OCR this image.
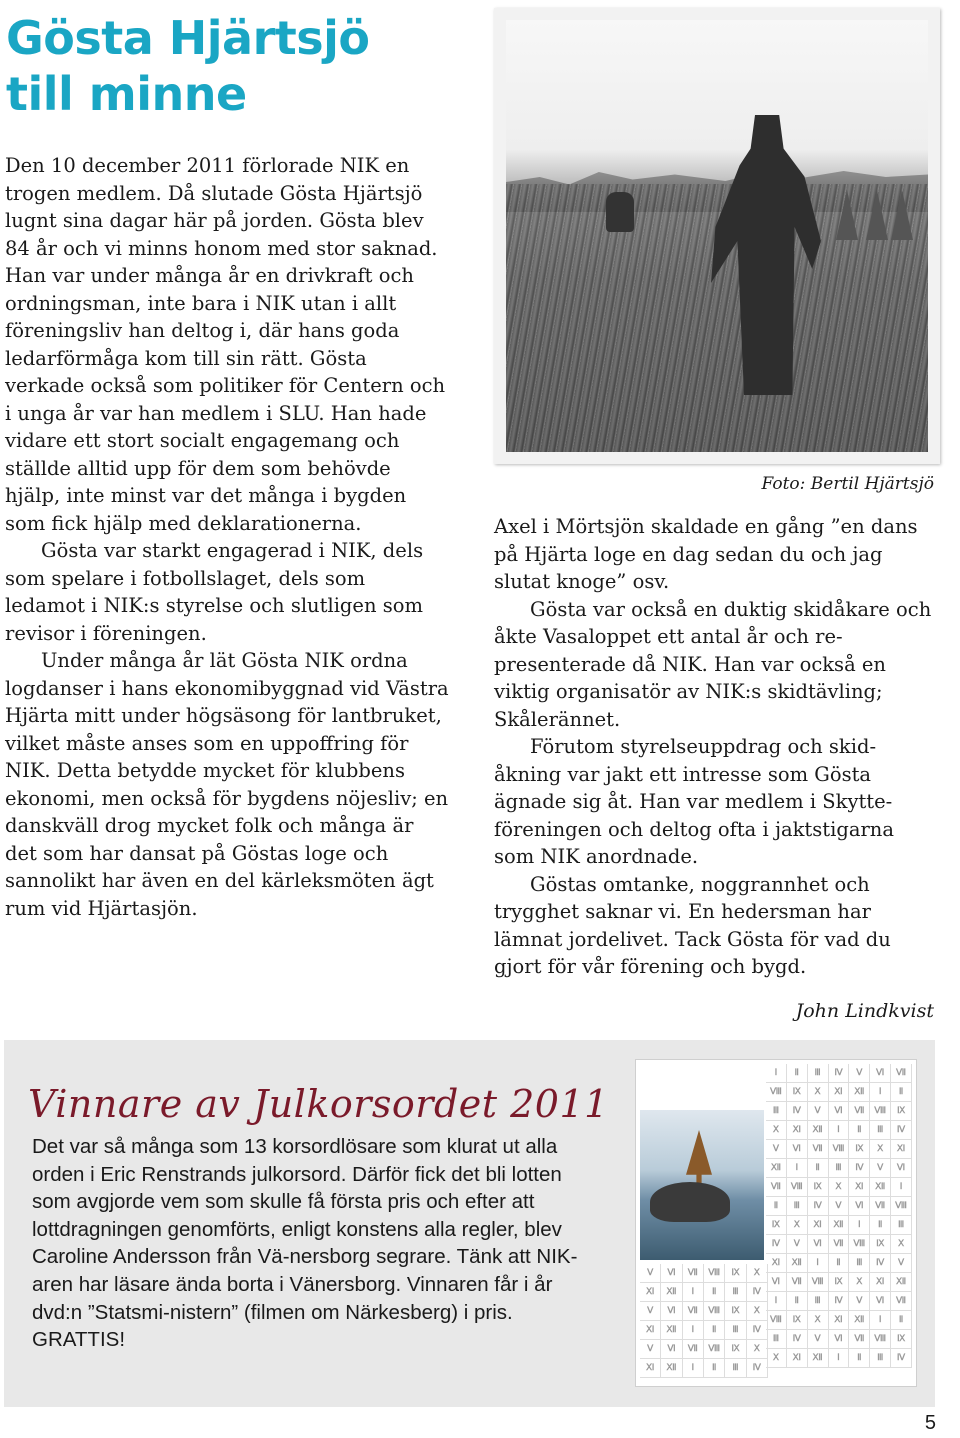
Gösta Hjärtsjö
till minne

Den 10 december 2011 förlorade NIK en trogen medlem. Då slutade Gösta Hjärtsjö lugnt sina dagar här på jorden. Gösta blev 84 år och vi minns honom med stor saknad. Han var under många år en drivkraft och ordningsman, inte bara i NIK utan i allt föreningsliv han deltog i, där hans goda ledarförmåga kom till sin rätt. Gösta verkade också som politiker för Centern och i unga år var han medlem i SLU. Han hade vidare ett stort socialt engagemang och ställde alltid upp för dem som behövde hjälp, inte minst var det många i bygden som fick hjälp med deklarationerna.

Gösta var starkt engagerad i NIK, dels som spelare i fotbollslaget, dels som ledamot i NIK:s styrelse och slutligen som revisor i föreningen.

Under många år lät Gösta NIK ordna logdanser i hans ekonomibyggnad vid Västra Hjärta mitt under högsäsong för lantbruket, vilket måste anses som en uppoffring för NIK. Detta betydde mycket för klubbens ekonomi, men också för bygdens nöjesliv; en danskväll drog mycket folk och många är det som har dansat på Göstas loge och sannolikt har även en del kärleksmöten ägt rum vid Hjärtasjön.

Foto: Bertil Hjärtsjö

Axel i Mörtsjön skaldade en gång ”en dans på Hjärta loge en dag sedan du och jag slutat knoge” osv.

Gösta var också en duktig skidåkare och åkte Vasaloppet ett antal år och re-presenterade då NIK. Han var också en viktig organisatör av NIK:s skidtävling; Skålerännet.

Förutom styrelseuppdrag och skid-åkning var jakt ett intresse som Gösta ägnade sig åt. Han var medlem i Skytte-föreningen och deltog ofta i jaktstigarna som NIK anordnade.

Göstas omtanke, noggrannhet och trygghet saknar vi. En hedersman har lämnat jordelivet. Tack Gösta för vad du gjort för vår förening och bygd.

John Lindkvist
Vinnare av Julkorsordet 2011

Det var så många som 13 korsordlösare som klurat ut alla orden i Eric Renstrands julkorsord. Därför fick det bli lotten som avgjorde vem som skulle få första pris och efter att lottdragningen genomförts, enligt konstens alla regler, blev Caroline Andersson från Vä-nersborg segrare. Tänk att NIK-aren har läsare ända borta i Vänersborg. Vinnaren får i år dvd:n ”Statsmi-nistern” (filmen om Närkesberg) i pris. GRATTIS!

Ⅰ	Ⅱ	Ⅲ	Ⅳ	Ⅴ	Ⅵ	Ⅶ
Ⅷ	Ⅸ	Ⅹ	Ⅺ	Ⅻ	Ⅰ	Ⅱ
Ⅲ	Ⅳ	Ⅴ	Ⅵ	Ⅶ	Ⅷ	Ⅸ
Ⅹ	Ⅺ	Ⅻ	Ⅰ	Ⅱ	Ⅲ	Ⅳ
Ⅴ	Ⅵ	Ⅶ	Ⅷ	Ⅸ	Ⅹ	Ⅺ
Ⅻ	Ⅰ	Ⅱ	Ⅲ	Ⅳ	Ⅴ	Ⅵ
Ⅶ	Ⅷ	Ⅸ	Ⅹ	Ⅺ	Ⅻ	Ⅰ
Ⅱ	Ⅲ	Ⅳ	Ⅴ	Ⅵ	Ⅶ	Ⅷ
Ⅸ	Ⅹ	Ⅺ	Ⅻ	Ⅰ	Ⅱ	Ⅲ
Ⅳ	Ⅴ	Ⅵ	Ⅶ	Ⅷ	Ⅸ	Ⅹ
Ⅺ	Ⅻ	Ⅰ	Ⅱ	Ⅲ	Ⅳ	Ⅴ
Ⅵ	Ⅶ	Ⅷ	Ⅸ	Ⅹ	Ⅺ	Ⅻ
Ⅰ	Ⅱ	Ⅲ	Ⅳ	Ⅴ	Ⅵ	Ⅶ
Ⅷ	Ⅸ	Ⅹ	Ⅺ	Ⅻ	Ⅰ	Ⅱ
Ⅲ	Ⅳ	Ⅴ	Ⅵ	Ⅶ	Ⅷ	Ⅸ
Ⅹ	Ⅺ	Ⅻ	Ⅰ	Ⅱ	Ⅲ	Ⅳ
Ⅴ	Ⅵ	Ⅶ	Ⅷ	Ⅸ	Ⅹ
Ⅺ	Ⅻ	Ⅰ	Ⅱ	Ⅲ	Ⅳ
Ⅴ	Ⅵ	Ⅶ	Ⅷ	Ⅸ	Ⅹ
Ⅺ	Ⅻ	Ⅰ	Ⅱ	Ⅲ	Ⅳ
Ⅴ	Ⅵ	Ⅶ	Ⅷ	Ⅸ	Ⅹ
Ⅺ	Ⅻ	Ⅰ	Ⅱ	Ⅲ	Ⅳ
5
